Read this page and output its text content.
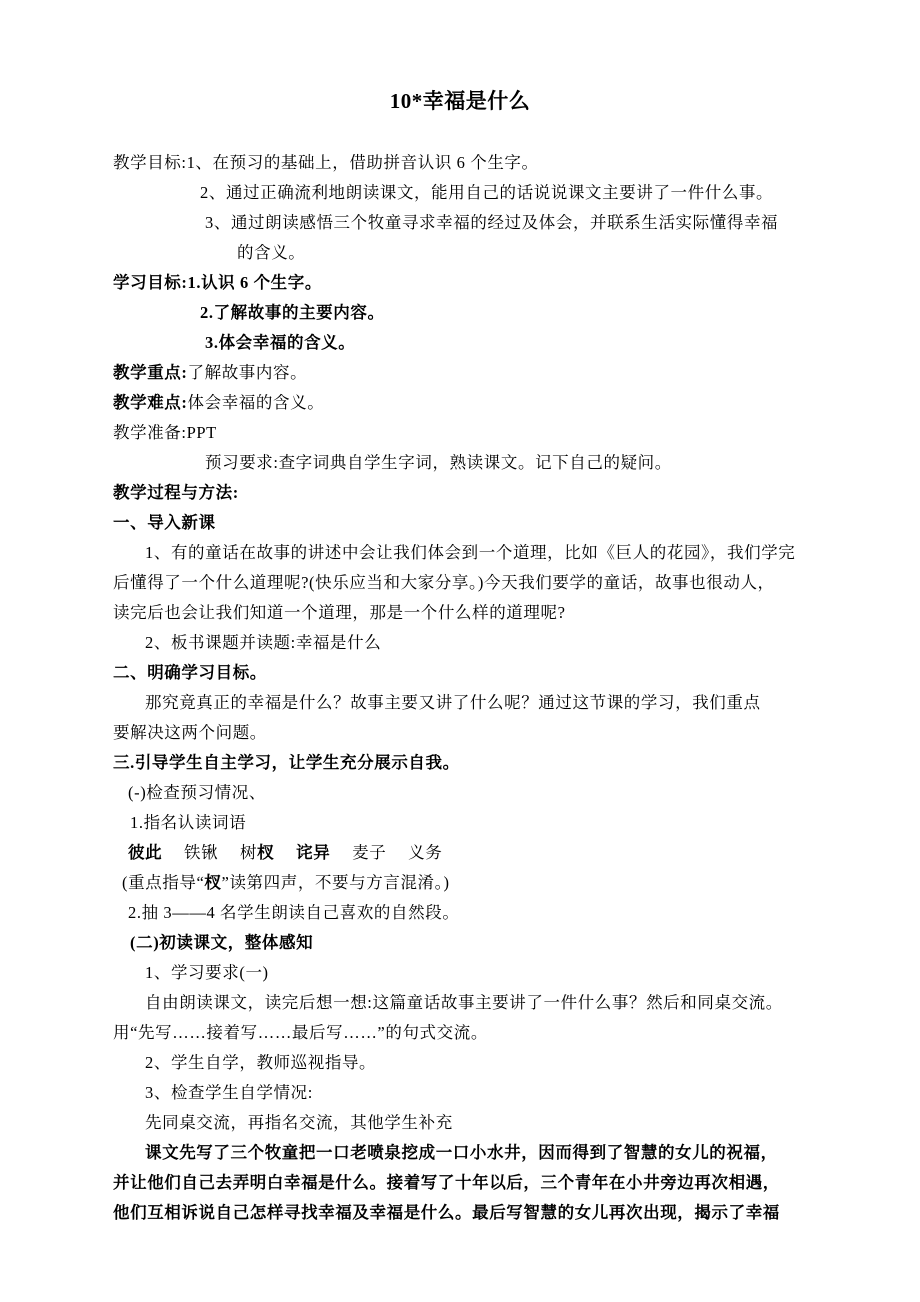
10*幸福是什么
教学目标:1、在预习的基础上，借助拼音认识 6 个生字。
2、通过正确流利地朗读课文，能用自己的话说说课文主要讲了一件什么事。
3、通过朗读感悟三个牧童寻求幸福的经过及体会，并联系生活实际懂得幸福
的含义。
学习目标:1.认识 6 个生字。
2.了解故事的主要内容。
3.体会幸福的含义。
教学重点:了解故事内容。
教学难点:体会幸福的含义。
教学准备:PPT
预习要求:查字词典自学生字词，熟读课文。记下自己的疑问。
教学过程与方法:
一、导入新课
1、有的童话在故事的讲述中会让我们体会到一个道理，比如《巨人的花园》，我们学完
后懂得了一个什么道理呢?(快乐应当和大家分享。)今天我们要学的童话，故事也很动人，
读完后也会让我们知道一个道理，那是一个什么样的道理呢?
2、板书课题并读题:幸福是什么
二、明确学习目标。
那究竟真正的幸福是什么？故事主要又讲了什么呢？通过这节课的学习，我们重点
要解决这两个问题。
三.引导学生自主学习，让学生充分展示自我。
(-)检查预习情况、
1.指名认读词语
彼此　 铁锹　 树杈　 诧异　 麦子　 义务
(重点指导“杈”读第四声，不要与方言混淆。)
2.抽 3——4 名学生朗读自己喜欢的自然段。
(二)初读课文，整体感知
1、学习要求(一)
自由朗读课文，读完后想一想:这篇童话故事主要讲了一件什么事？然后和同桌交流。
用“先写……接着写……最后写……”的句式交流。
2、学生自学，教师巡视指导。
3、检查学生自学情况:
先同桌交流，再指名交流，其他学生补充
课文先写了三个牧童把一口老喷泉挖成一口小水井，因而得到了智慧的女儿的祝福，
并让他们自己去弄明白幸福是什么。接着写了十年以后，三个青年在小井旁边再次相遇，
他们互相诉说自己怎样寻找幸福及幸福是什么。最后写智慧的女儿再次出现，揭示了幸福
